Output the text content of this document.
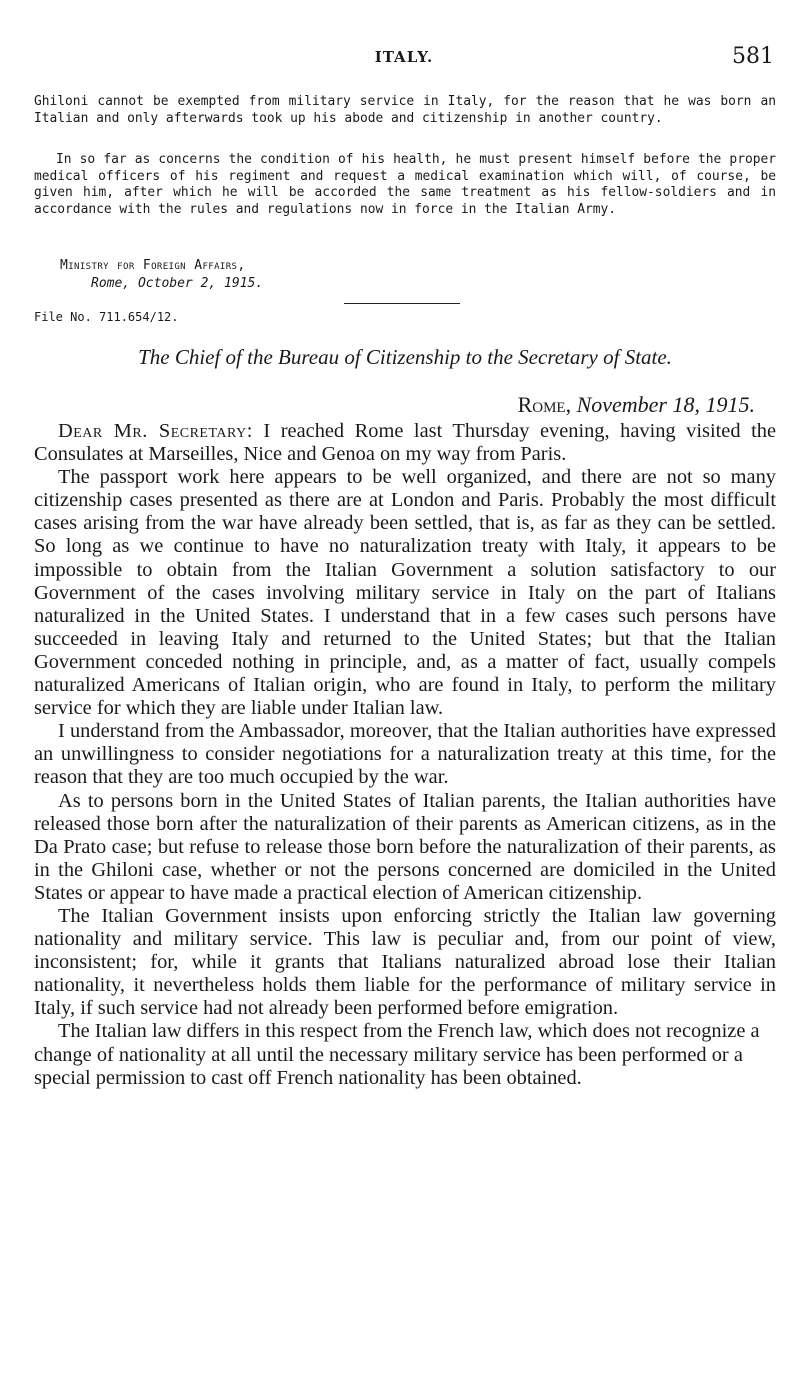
ITALY.	581

Ghiloni cannot be exempted from military service in Italy, for the reason that he was born an Italian and only afterwards took up his abode and citizenship in another country.

In so far as concerns the condition of his health, he must present himself before the proper medical officers of his regiment and request a medical examination which will, of course, be given him, after which he will be accorded the same treatment as his fellow-soldiers and in accordance with the rules and regulations now in force in the Italian Army.

Ministry for Foreign Affairs,
Rome, October 2, 1915.
File No. 711.654/12.
The Chief of the Bureau of Citizenship to the Secretary of State.
Rome, November 18, 1915.

Dear Mr. Secretary: I reached Rome last Thursday evening, having visited the Consulates at Marseilles, Nice and Genoa on my way from Paris.

The passport work here appears to be well organized, and there are not so many citizenship cases presented as there are at London and Paris. Probably the most difficult cases arising from the war have already been settled, that is, as far as they can be settled. So long as we continue to have no naturalization treaty with Italy, it appears to be impossible to obtain from the Italian Government a solution satisfactory to our Government of the cases involving military service in Italy on the part of Italians naturalized in the United States. I understand that in a few cases such persons have succeeded in leaving Italy and returned to the United States; but that the Italian Government conceded nothing in principle, and, as a matter of fact, usually compels naturalized Americans of Italian origin, who are found in Italy, to perform the military service for which they are liable under Italian law.

I understand from the Ambassador, moreover, that the Italian authorities have expressed an unwillingness to consider negotiations for a naturalization treaty at this time, for the reason that they are too much occupied by the war.

As to persons born in the United States of Italian parents, the Italian authorities have released those born after the naturalization of their parents as American citizens, as in the Da Prato case; but refuse to release those born before the naturalization of their parents, as in the Ghiloni case, whether or not the persons concerned are domiciled in the United States or appear to have made a practical election of American citizenship.

The Italian Government insists upon enforcing strictly the Italian law governing nationality and military service. This law is peculiar and, from our point of view, inconsistent; for, while it grants that Italians naturalized abroad lose their Italian nationality, it nevertheless holds them liable for the performance of military service in Italy, if such service had not already been performed before emigration.

The Italian law differs in this respect from the French law, which does not recognize a change of nationality at all until the necessary military service has been performed or a special permission to cast off French nationality has been obtained.
